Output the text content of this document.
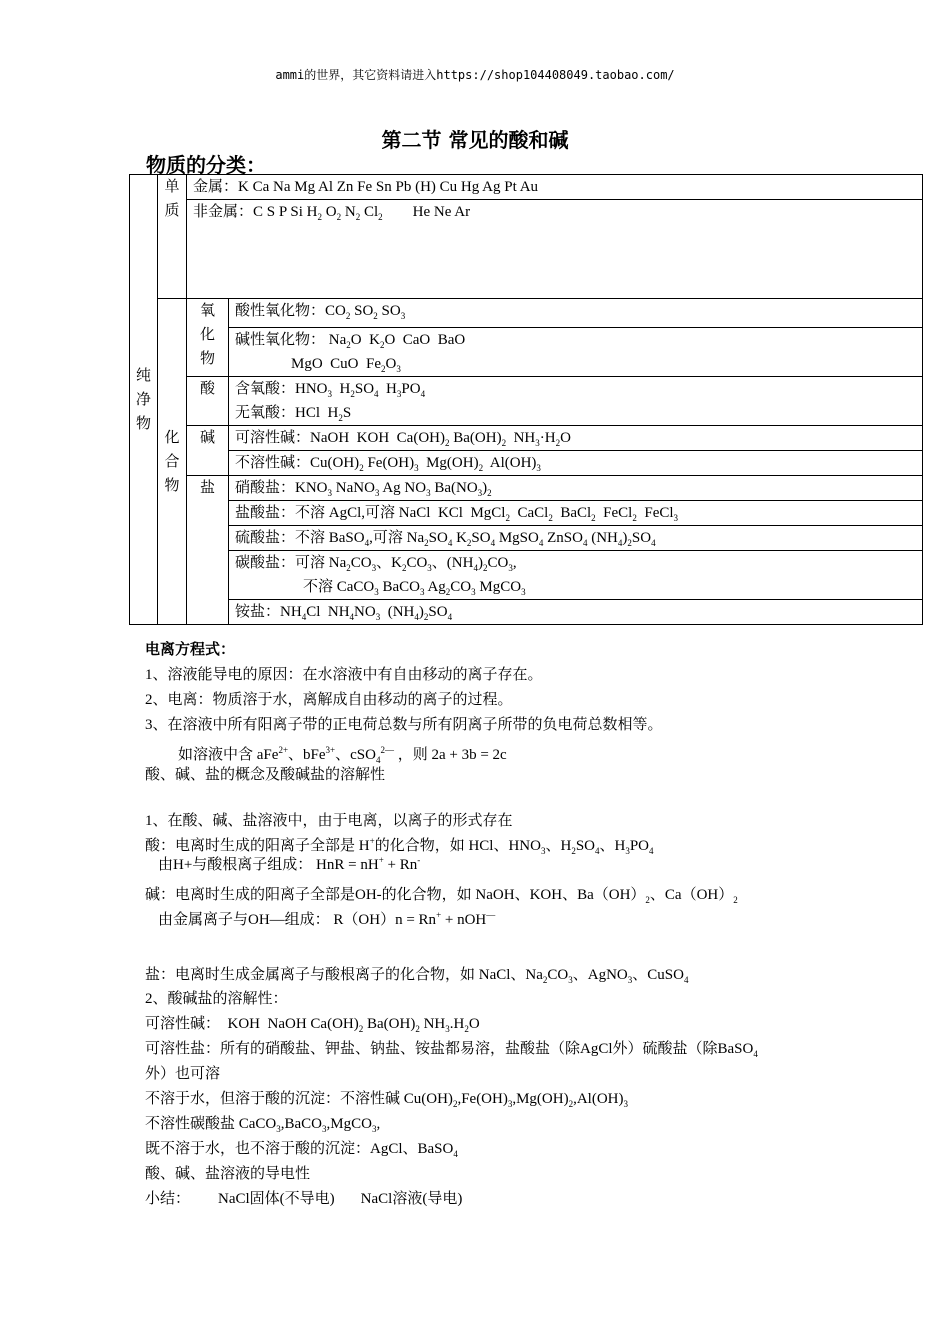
ammi的世界，其它资料请进入https://shop104408049.taobao.com/
第二节 常见的酸和碱
物质的分类：
纯净物	单质	金属：K Ca Na Mg Al Zn Fe Sn Pb (H) Cu Hg Ag Pt Au	

		非金属：C S P Si $H_2$ $O_2$ $N_2$ $Cl_2$        He Ne Ar	

	化合物	氧化物	酸性氧化物：$CO_2$ $SO_2$ $SO_3$

			碱性氧化物： $Na_2O$  $K_2O$  CaO  BaO
MgO  CuO  $Fe_2O_3$

		酸	含氧酸：$HNO_3$  $H_2SO_4$  $H_3PO_4$
无氧酸：HCl  $H_2S$

		碱	可溶性碱：NaOH  KOH  $Ca(OH)_2$ $Ba(OH)_2$  $NH_3\cdot H_2O$

			不溶性碱：$Cu(OH)_2$ $Fe(OH)_3$  $Mg(OH)_2$  $Al(OH)_3$

		盐	硝酸盐：$KNO_3$ NaNO$_3$ Ag $NO_3$ $Ba(NO_3)_2$

			盐酸盐：不溶 AgCl,可溶 NaCl  KCl  MgCl$_2$  CaCl$_2$  BaCl$_2$  FeCl$_2$  FeCl$_3$

			硫酸盐：不溶 BaSO$_4$,可溶 $Na_2SO_4$ $K_2SO_4$ MgSO$_4$ ZnSO$_4$ $(NH_4)_2SO_4$

			碳酸盐：可溶 $Na_2CO_3$、$K_2CO_3$、$(NH_4)_2CO_3$,
不溶 CaCO$_3$ BaCO$_3$ $Ag_2CO_3$ MgCO$_3$

			铵盐：$NH_4Cl$  $NH_4NO_3$  $(NH_4)_2SO_4$
电离方程式：
1、溶液能导电的原因：在水溶液中有自由移动的离子存在。
2、电离：物质溶于水，离解成自由移动的离子的过程。
3、在溶液中所有阳离子带的正电荷总数与所有阴离子所带的负电荷总数相等。
如溶液中含 aFe$^{2+}$、bFe$^{3+}$、cSO$_4^{2—}$ ，则 2a + 3b = 2c
酸、碱、盐的概念及酸碱盐的溶解性
1、在酸、碱、盐溶液中，由于电离，以离子的形式存在
酸：电离时生成的阳离子全部是 H+的化合物，如 HCl、$HNO_3$、$H_2SO_4$、$H_3PO_4$
由H+与酸根离子组成： HnR = nH+ + Rn-
碱：电离时生成的阳离子全部是OH-的化合物，如 NaOH、KOH、$Ba(OH)_2$、$Ca(OH)_2$
由金属离子与OH—组成： R（OH）n = Rn+ + nOH—
盐：电离时生成金属离子与酸根离子的化合物，如 NaCl、$Na_2CO_3$、AgNO$_3$、CuSO$_4$
2、酸碱盐的溶解性：
可溶性碱：  KOH  NaOH $Ca(OH)_2$ $Ba(OH)_2$ $NH_3.H_2O$
可溶性盐：所有的硝酸盐、钾盐、钠盐、铵盐都易溶，盐酸盐（除AgCl外）硫酸盐（除BaSO$_4$
外）也可溶
不溶于水，但溶于酸的沉淀：不溶性碱 $Cu(OH)_2,Fe(OH)_3,Mg(OH)_2,Al(OH)_3$
不溶性碳酸盐 CaCO$_3$,BaCO$_3$,MgCO$_3$,
既不溶于水，也不溶于酸的沉淀：AgCl、BaSO$_4$
酸、碱、盐溶液的导电性
小结： NaCl固体(不导电) NaCl溶液(导电)
